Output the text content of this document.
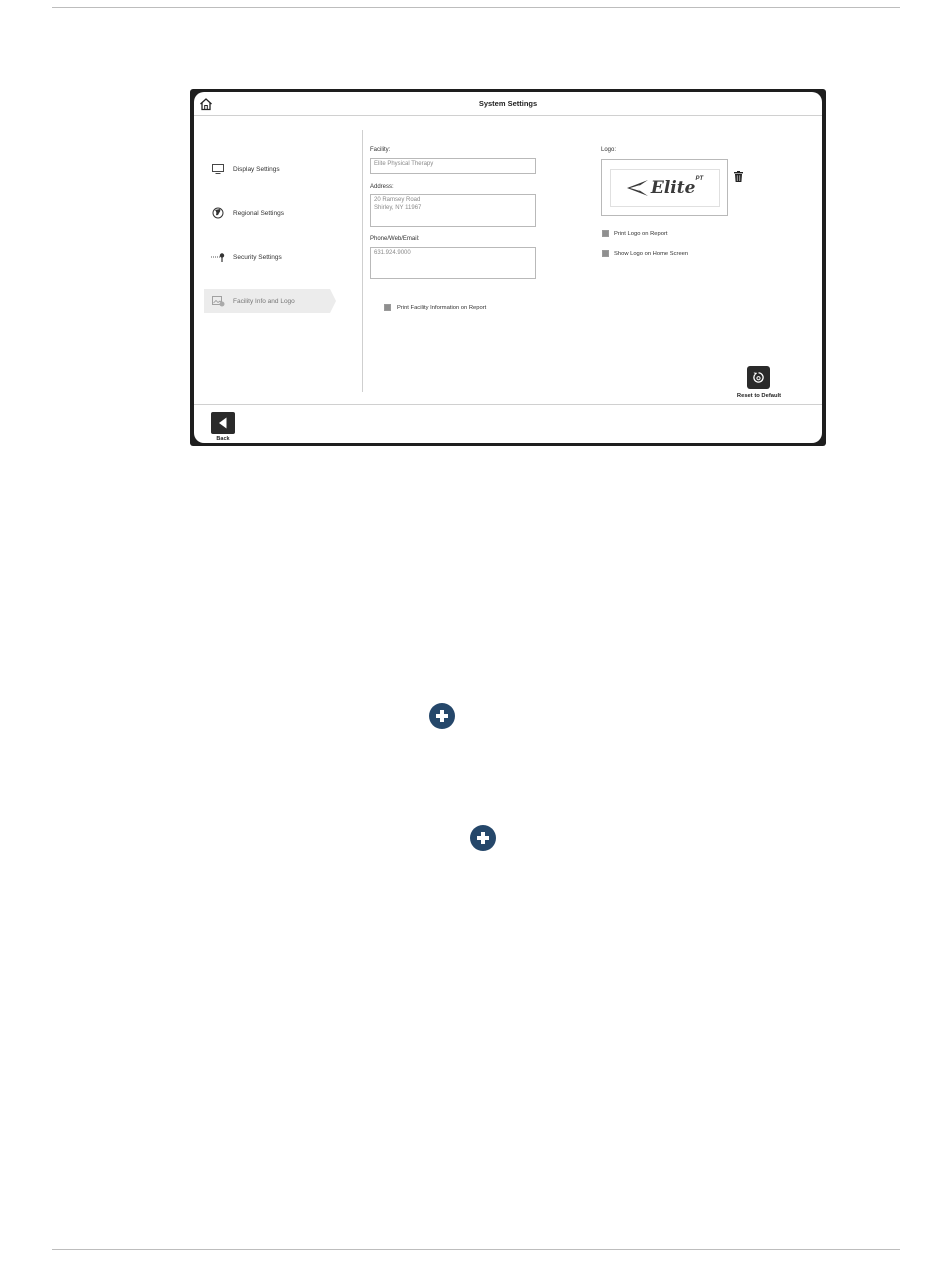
System Settings
Display Settings
Regional Settings
Security Settings
Facility Info and Logo
Facility:
Elite Physical Therapy
Address:
20 Ramsey Road
Shirley, NY 11967
Phone/Web/Email:
631.924.9000
Print Facility Information on Report
Logo:
Elite$^{PT}$
Print Logo on Report
Show Logo on Home Screen
Reset to Default
Back
